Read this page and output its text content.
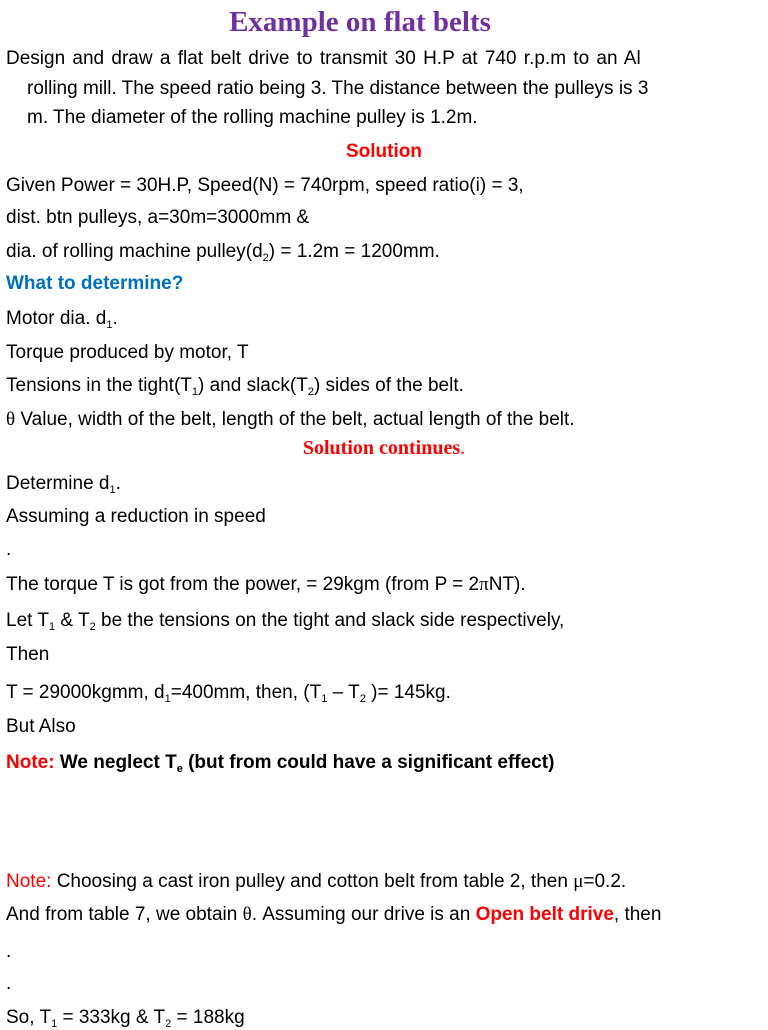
Example on flat belts
Design and draw a flat belt drive to transmit 30 H.P at 740 r.p.m to an Al
rolling mill. The speed ratio being 3. The distance between the pulleys is 3
m. The diameter of the rolling machine pulley is 1.2m.
Solution
Given Power = 30H.P, Speed(N) = 740rpm, speed ratio(i) = 3,
dist. btn pulleys, a=30m=3000mm &
dia. of rolling machine $pulley(d_2) = 1.2m = 1200mm$.
What to determine?
Motor dia. $d_1$.
Torque produced by motor, T
Tensions in the $tight(T_1)$ and $slack(T_2)$ sides of the belt.
θ Value, width of the belt, length of the belt, actual length of the belt.
Solution continues.
Determine $d_1$.
Assuming a reduction in speed
.
The torque T is got from the power, = 29kgm (from P = 2πNT).
Let $T_1$ & $T_2$ be the tensions on the tight and slack side respectively,
Then
T = 29000kgmm, $d_1=400mm$, then, ($T_1 - T_2$ )= 145kg.
But Also
Note: We neglect $T_e$ (but from could have a significant effect)
Note: Choosing a cast iron pulley and cotton belt from table 2, then μ=0.2.
And from table 7, we obtain θ. Assuming our drive is an Open belt drive, then
.
.
So, $T_1 = 333kg$ & $T_2 = 188kg$
